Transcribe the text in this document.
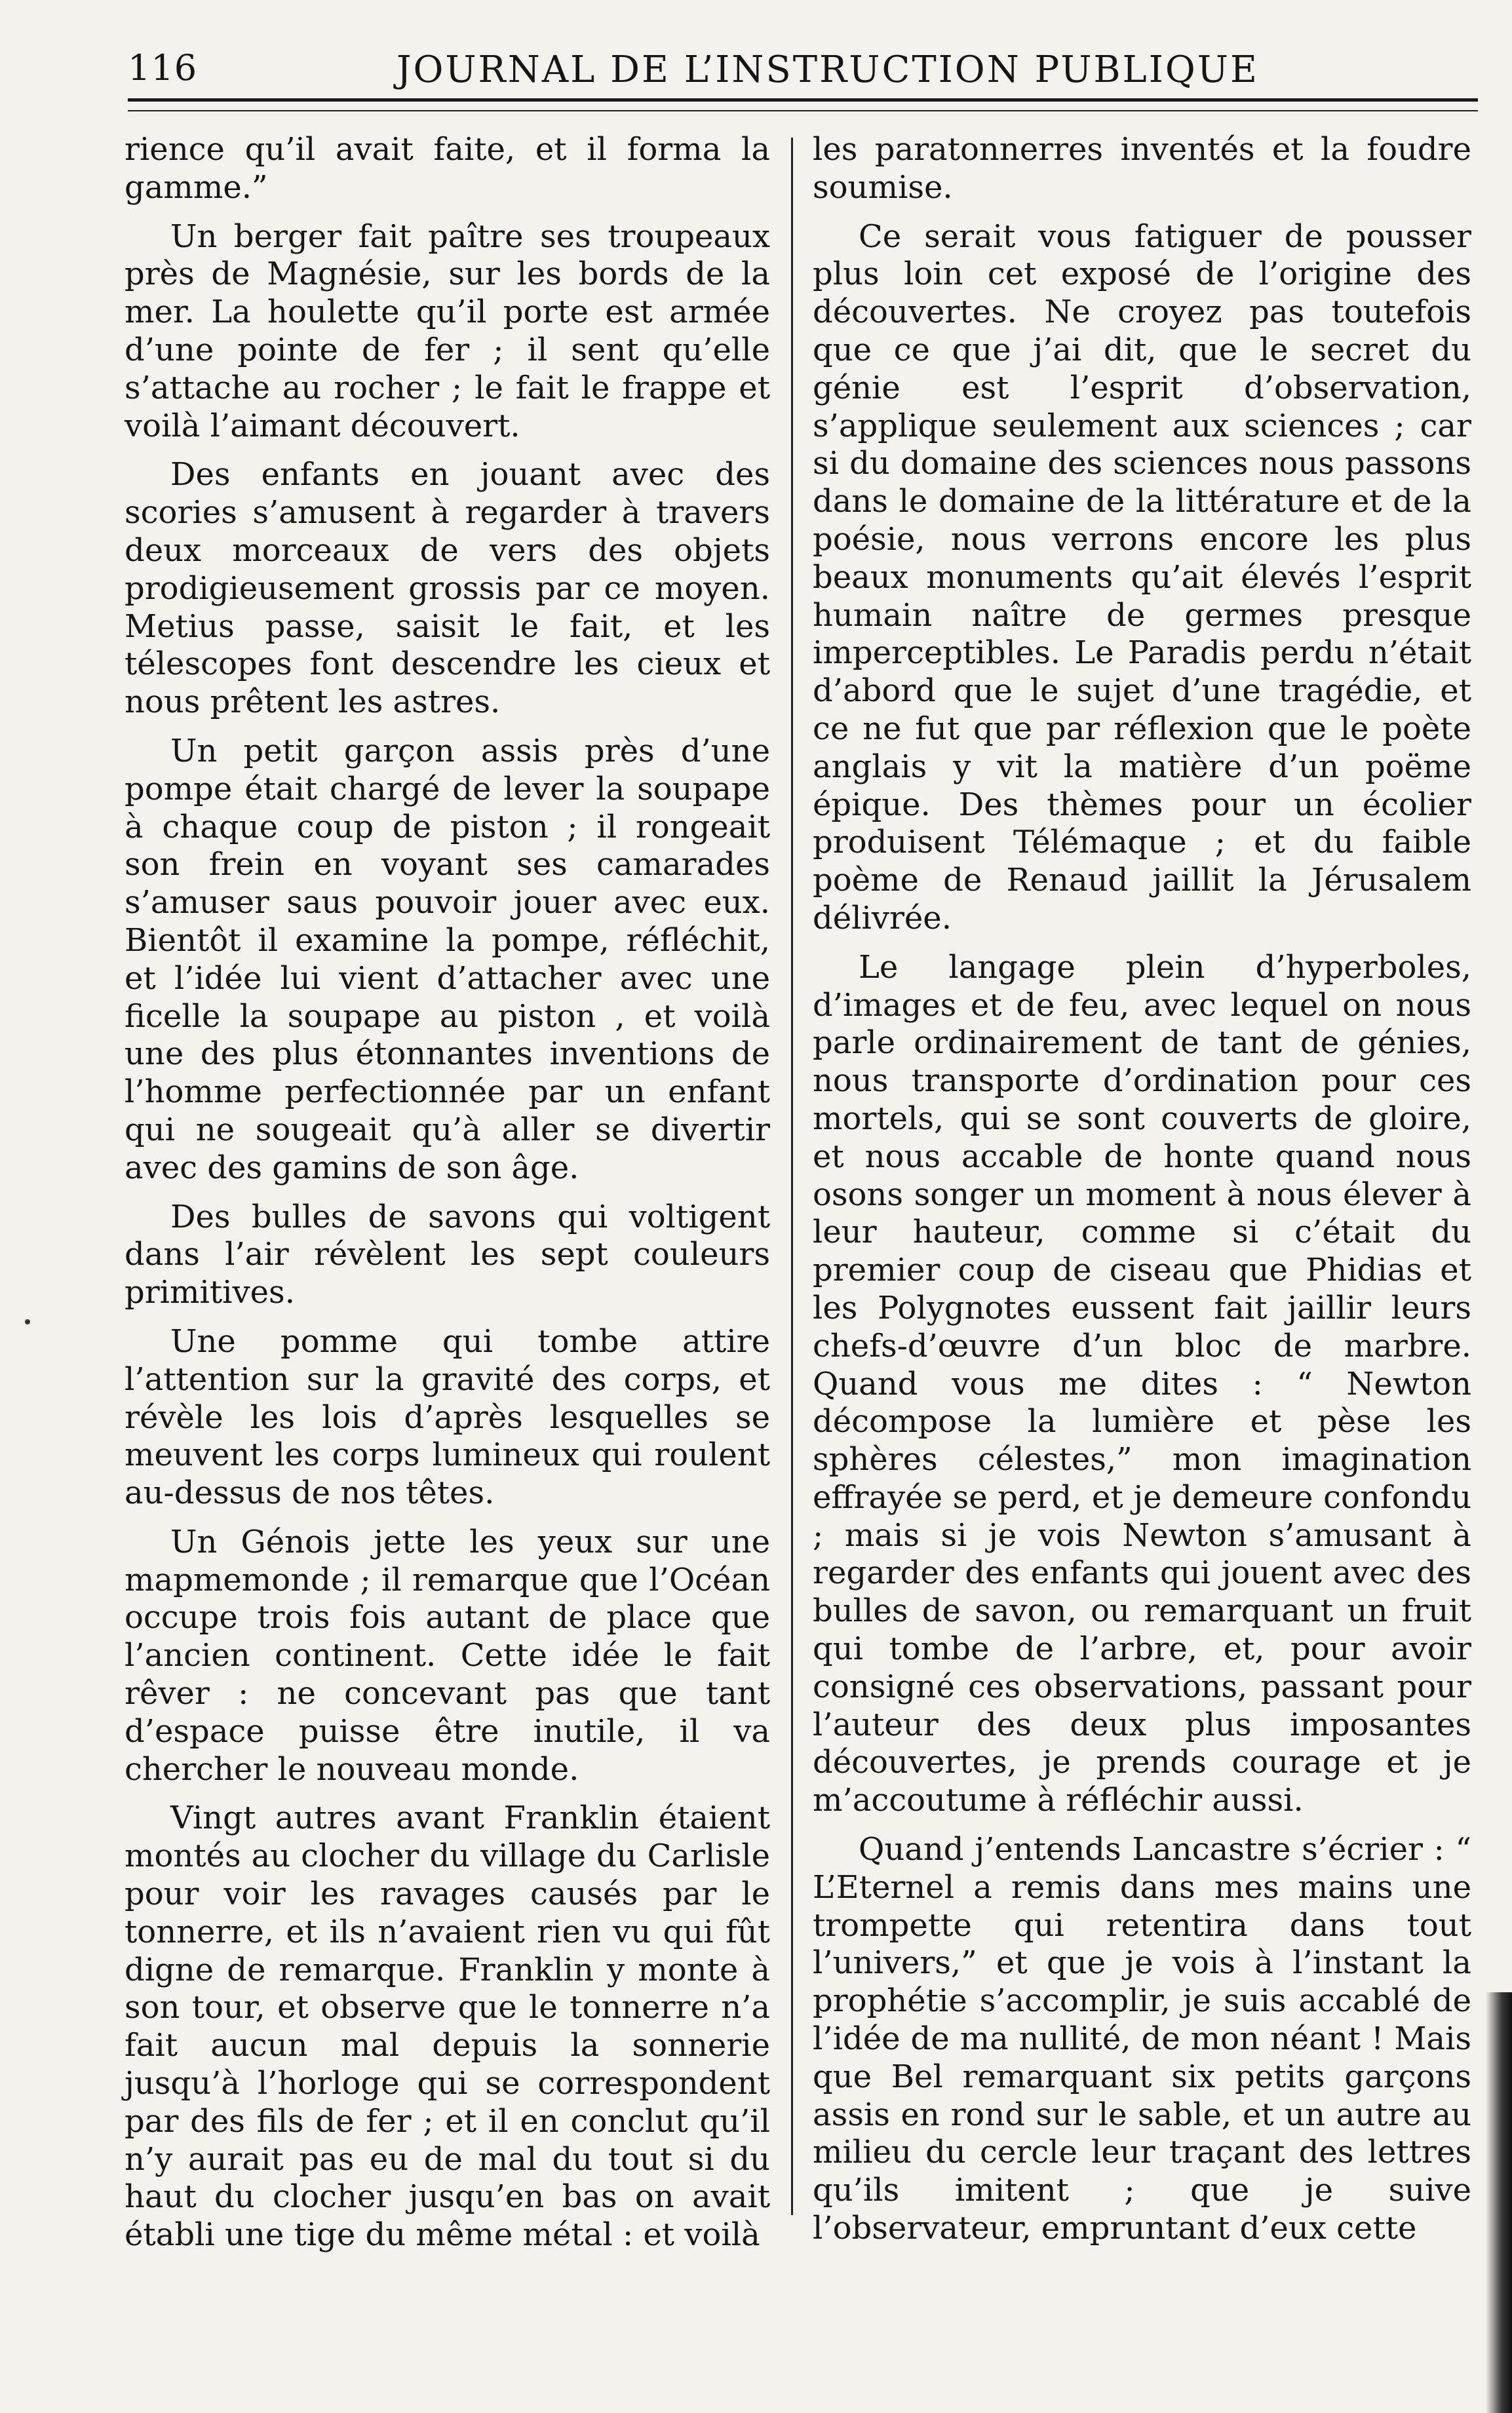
116	JOURNAL DE L’INSTRUCTION PUBLIQUE

rience qu’il avait faite, et il forma la gamme.”

Un berger fait paître ses troupeaux près de Magnésie, sur les bords de la mer. La houlette qu’il porte est armée d’une pointe de fer ; il sent qu’elle s’attache au rocher ; le fait le frappe et voilà l’aimant découvert.

Des enfants en jouant avec des scories s’amusent à regarder à travers deux morceaux de vers des objets prodigieusement grossis par ce moyen. Metius passe, saisit le fait, et les télescopes font descendre les cieux et nous prêtent les astres.

Un petit garçon assis près d’une pompe était chargé de lever la soupape à chaque coup de piston ; il rongeait son frein en voyant ses camarades s’amuser saus pouvoir jouer avec eux. Bientôt il examine la pompe, réfléchit, et l’idée lui vient d’attacher avec une ficelle la soupape au piston , et voilà une des plus étonnantes inventions de l’homme perfectionnée par un enfant qui ne sougeait qu’à aller se divertir avec des gamins de son âge.

Des bulles de savons qui voltigent dans l’air révèlent les sept couleurs primitives.

Une pomme qui tombe attire l’attention sur la gravité des corps, et révèle les lois d’après lesquelles se meuvent les corps lumineux qui roulent au-dessus de nos têtes.

Un Génois jette les yeux sur une mapmemonde ; il remarque que l’Océan occupe trois fois autant de place que l’ancien continent. Cette idée le fait rêver : ne concevant pas que tant d’espace puisse être inutile, il va chercher le nouveau monde.

Vingt autres avant Franklin étaient montés au clocher du village du Carlisle pour voir les ravages causés par le tonnerre, et ils n’avaient rien vu qui fût digne de remarque. Franklin y monte à son tour, et observe que le tonnerre n’a fait aucun mal depuis la sonnerie jusqu’à l’horloge qui se correspondent par des fils de fer ; et il en conclut qu’il n’y aurait pas eu de mal du tout si du haut du clocher jusqu’en bas on avait établi une tige du même métal : et voilà

les paratonnerres inventés et la foudre soumise.

Ce serait vous fatiguer de pousser plus loin cet exposé de l’origine des découvertes. Ne croyez pas toutefois que ce que j’ai dit, que le secret du génie est l’esprit d’observation, s’applique seulement aux sciences ; car si du domaine des sciences nous passons dans le domaine de la littérature et de la poésie, nous verrons encore les plus beaux monuments qu’ait élevés l’esprit humain naître de germes presque imperceptibles. Le Paradis perdu n’était d’abord que le sujet d’une tragédie, et ce ne fut que par réflexion que le poète anglais y vit la matière d’un poëme épique. Des thèmes pour un écolier produisent Télémaque ; et du faible poème de Renaud jaillit la Jérusalem délivrée.

Le langage plein d’hyperboles, d’images et de feu, avec lequel on nous parle ordinairement de tant de génies, nous transporte d’ordination pour ces mortels, qui se sont couverts de gloire, et nous accable de honte quand nous osons songer un moment à nous élever à leur hauteur, comme si c’était du premier coup de ciseau que Phidias et les Polygnotes eussent fait jaillir leurs chefs-d’œuvre d’un bloc de marbre. Quand vous me dites : “ Newton décompose la lumière et pèse les sphères célestes,” mon imagination effrayée se perd, et je demeure confondu ; mais si je vois Newton s’amusant à regarder des enfants qui jouent avec des bulles de savon, ou remarquant un fruit qui tombe de l’arbre, et, pour avoir consigné ces observations, passant pour l’auteur des deux plus imposantes découvertes, je prends courage et je m’accoutume à réfléchir aussi.

Quand j’entends Lancastre s’écrier : “ L’Eternel a remis dans mes mains une trompette qui retentira dans tout l’univers,” et que je vois à l’instant la prophétie s’accomplir, je suis accablé de l’idée de ma nullité, de mon néant ! Mais que Bel remarquant six petits garçons assis en rond sur le sable, et un autre au milieu du cercle leur traçant des lettres qu’ils imitent ; que je suive l’observateur, empruntant d’eux cette
